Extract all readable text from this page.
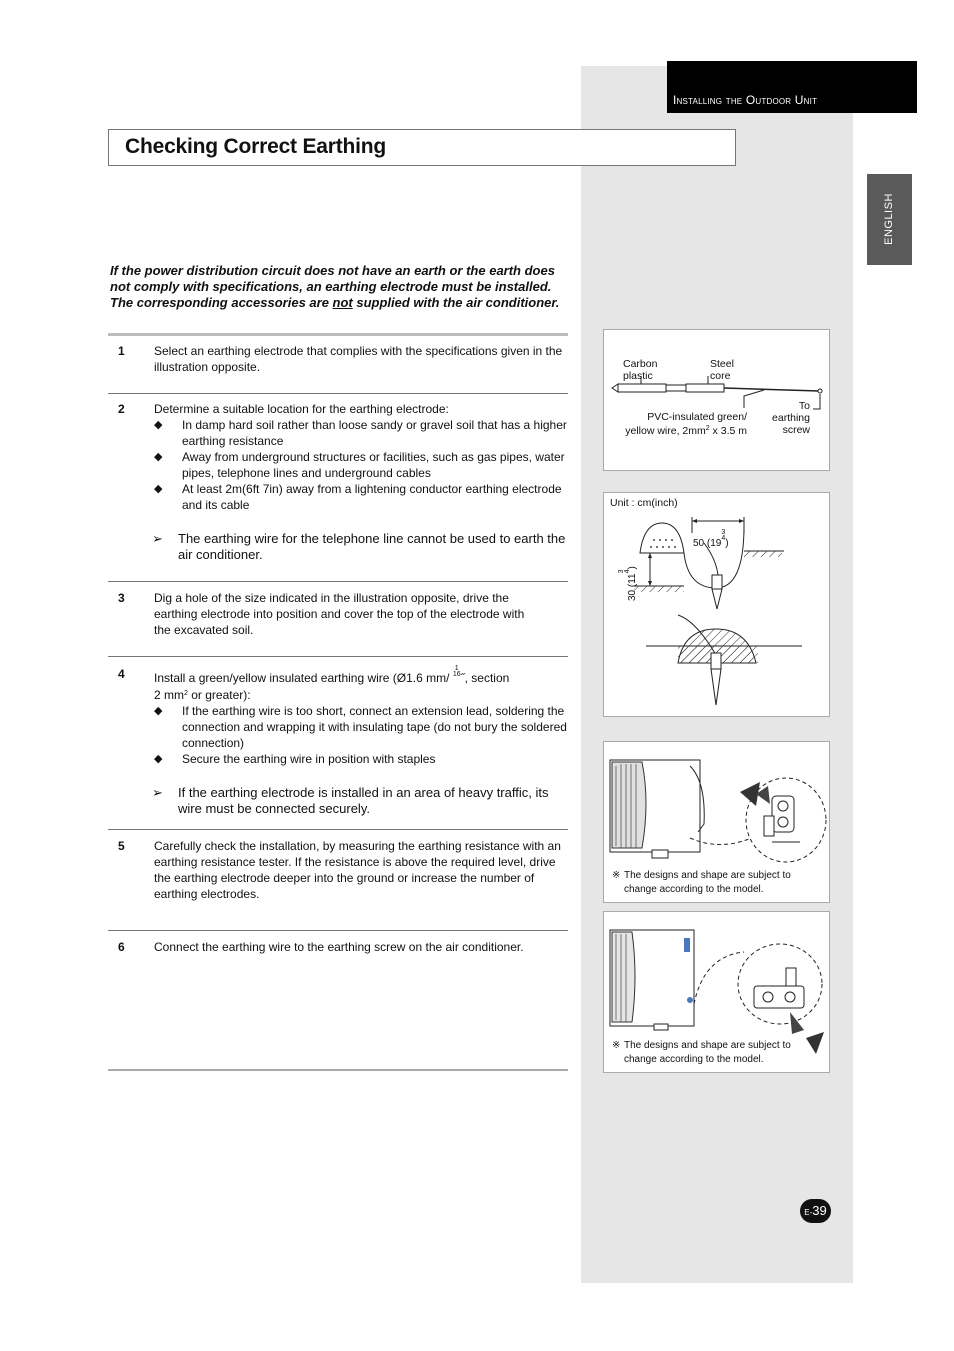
Installing the Outdoor Unit
ENGLISH
Checking Correct Earthing

If the power distribution circuit does not have an earth or the earth does not comply with specifications, an earthing electrode must be installed. The corresponding accessories are not supplied with the air conditioner.

1 Select an earthing electrode that complies with the specifications given in the illustration opposite.

2 Determine a suitable location for the earthing electrode:

◆ In damp hard soil rather than loose sandy or gravel soil that has a higher earthing resistance
◆ Away from underground structures or facilities, such as gas pipes, water pipes, telephone lines and underground cables
◆ At least 2m(6ft 7in) away from a lightening conductor earthing electrode and its cable

➢ The earthing wire for the telephone line cannot be used to earth the air conditioner.

3 Dig a hole of the size indicated in the illustration opposite, drive the earthing electrode into position and cover the top of the electrode with the excavated soil.

4 Install a green/yellow insulated earthing wire (Ø1.6 mm/ 1
16˝, section
2 $mm^2$ or greater):

◆ If the earthing wire is too short, connect an extension lead, soldering the connection and wrapping it with insulating tape (do not bury the soldered connection)
◆ Secure the earthing wire in position with staples

➢ If the earthing electrode is installed in an area of heavy traffic, its wire must be connected securely.

5 Carefully check the installation, by measuring the earthing resistance with an earthing resistance tester. If the resistance is above the required level, drive the earthing electrode deeper into the ground or increase the number of earthing electrodes.

6 Connect the earthing wire to the earthing screw on the air conditioner.

Carbon
plastic
Steel
core
PVC-insulated green/
yellow wire, $2mm^2$ x 3.5 m
To
earthing
screw
Unit : cm(inch)
50 (193
4)
30 (113
4)
※ The designs and shape are subject to change according to the model.
※ The designs and shape are subject to change according to the model.
E-39
